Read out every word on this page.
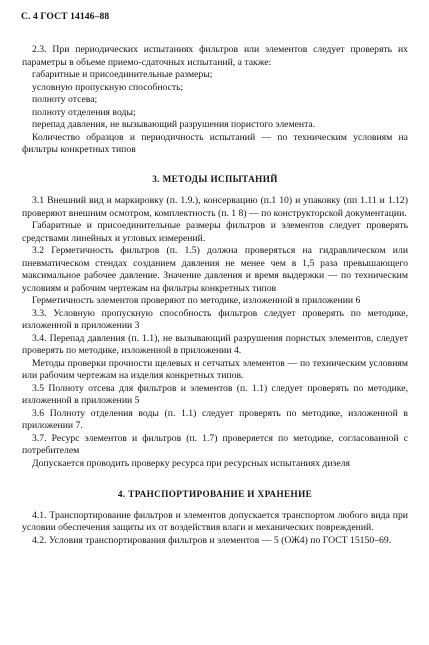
С. 4 ГОСТ 14146–88

2.3. При периодических испытаниях фильтров или элементов следует проверять их параметры в объеме приемо-сдаточных испытаний, а также:

габаритные и присоединительные размеры;

условную пропускную способность;

полноту отсева;

полноту отделения воды;

перепад давления, не вызывающий разрушения пористого элемента.

Количество образцов и периодичность испытаний — по техническим условиям на фильтры конкретных типов

3. МЕТОДЫ ИСПЫТАНИЙ

3.1 Внешний вид и маркировку (п. 1.9.), консервацию (п.1 10) и упаковку (пп 1.11 и 1.12) проверяют внешним осмотром, комплектность (п. 1 8) — по конструкторской документации.

Габаритные и присоединительные размеры фильтров и элементов следует проверять средствами линейных и угловых измерений.

3.2 Герметичность фильтров (п. 1.5) должна проверяться на гидравлическом или пневматическом стендах созданием давления не менее чем в 1,5 раза превышающего максимальное рабочее давление. Значение давления и время выдержки — по техническим условиям и рабочим чертежам на фильтры конкретных типов

Герметичность элементов проверяют по методике, изложенной в приложении 6

3.3. Условную пропускную способность фильтров следует проверять по методике, изложенной в приложении 3

3.4. Перепад давления (п. 1.1), не вызывающий разрушения пористых элементов, следует проверять по методике, изложенной в приложении 4.

Методы проверки прочности щелевых и сетчатых элементов — по техническим условиям или рабочим чертежам на изделия конкретных типов.

3.5 Полноту отсева для фильтров и элементов (п. 1.1) следует проверять по методике, изложенной в приложении 5

3.6 Полноту отделения воды (п. 1.1) следует проверять по методике, изложенной в приложении 7.

3.7. Ресурс элементов и фильтров (п. 1.7) проверяется по методике, согласованной с потребителем

Допускается проводить проверку ресурса при ресурсных испытаниях дизеля

4. ТРАНСПОРТИРОВАНИЕ И ХРАНЕНИЕ

4.1. Транспортирование фильтров и элементов допускается транспортом любого вида при условии обеспечения защиты их от воздействия влаги и механических повреждений.

4.2. Условия транспортирования фильтров и элементов — 5 (ОЖ4) по ГОСТ 15150–69.
